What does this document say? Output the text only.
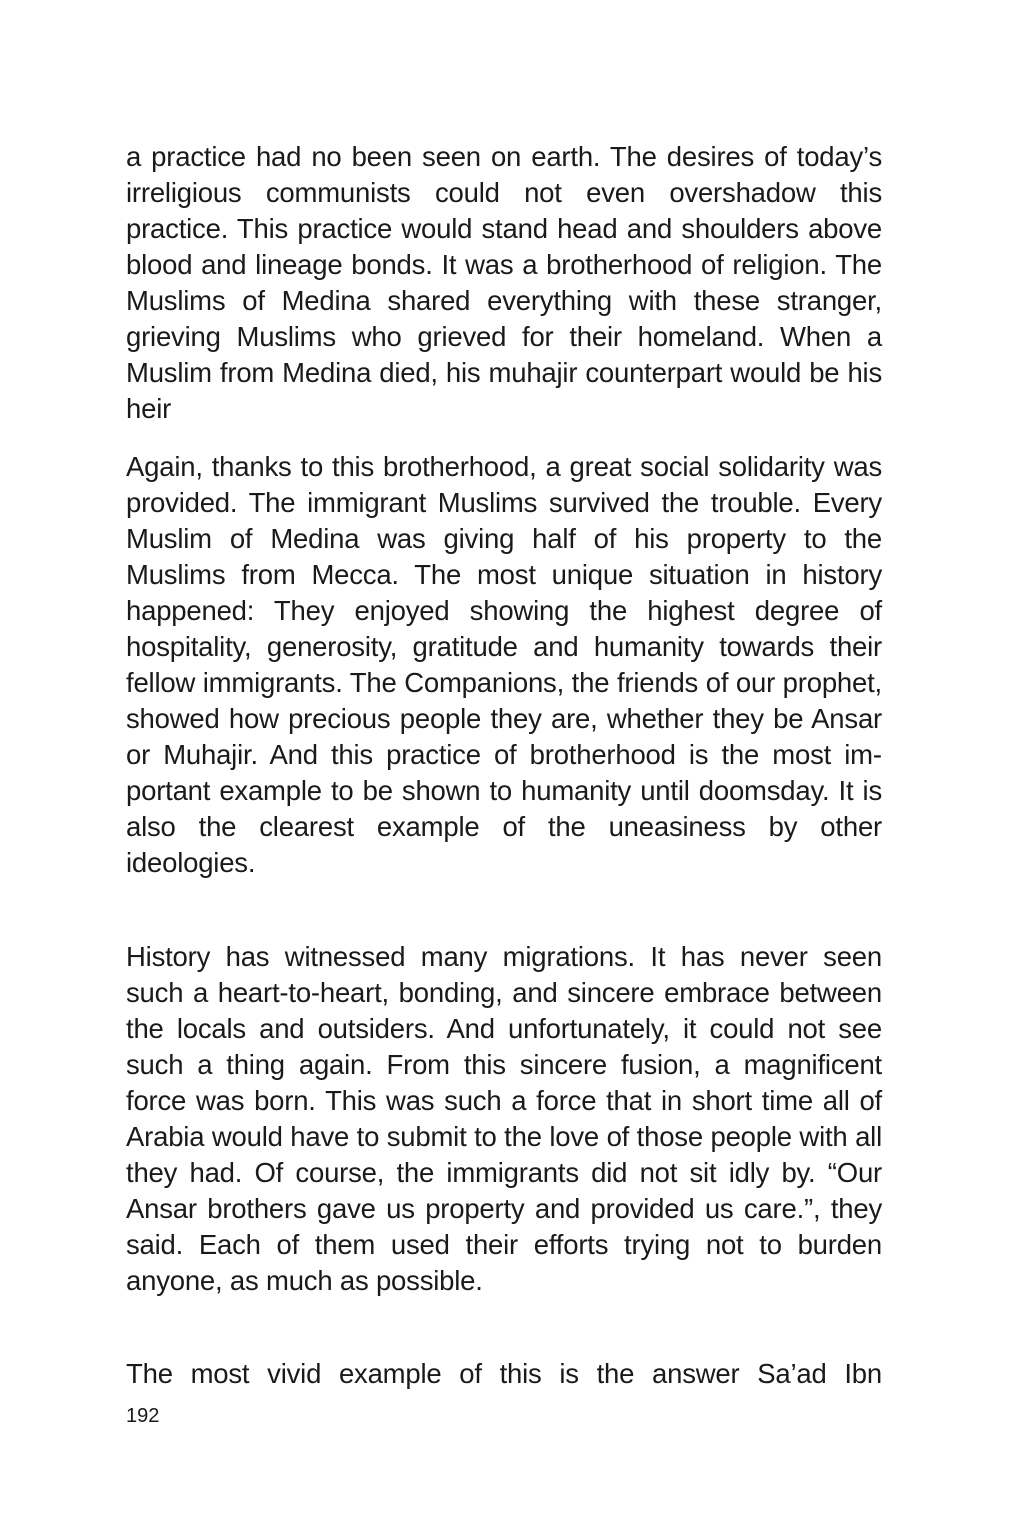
a practice had no been seen on earth. The desires of today’s irreligious communists could not even overshadow this practice. This practice would stand head and shoulders above blood and lineage bonds. It was a brotherhood of religion. The Muslims of Medina shared everything with these stranger, grieving Muslims who grieved for their homeland. When a Muslim from Medina died, his muhajir counterpart would be his heir

Again, thanks to this brotherhood, a great social solidarity was provided. The immigrant Muslims survived the trouble. Every Muslim of Medina was giving half of his property to the Muslims from Mecca. The most unique situation in history happened: They enjoyed showing the highest degree of hospitality, generosity, gratitude and humanity towards their fellow immigrants. The Companions, the friends of our prophet, showed how precious people they are, whether they be Ansar or Muhajir. And this practice of brotherhood is the most important example to be shown to humanity until doomsday. It is also the clearest example of the uneasiness by other ideologies.

History has witnessed many migrations. It has never seen such a heart-to-heart, bonding, and sincere embrace between the locals and outsiders. And unfortunately, it could not see such a thing again. From this sincere fusion, a magnificent force was born. This was such a force that in short time all of Arabia would have to submit to the love of those people with all they had. Of course, the immigrants did not sit idly by. “Our Ansar brothers gave us property and provided us care.”, they said. Each of them used their efforts trying not to burden anyone, as much as possible.

The most vivid example of this is the answer Sa’ad Ibn

192
